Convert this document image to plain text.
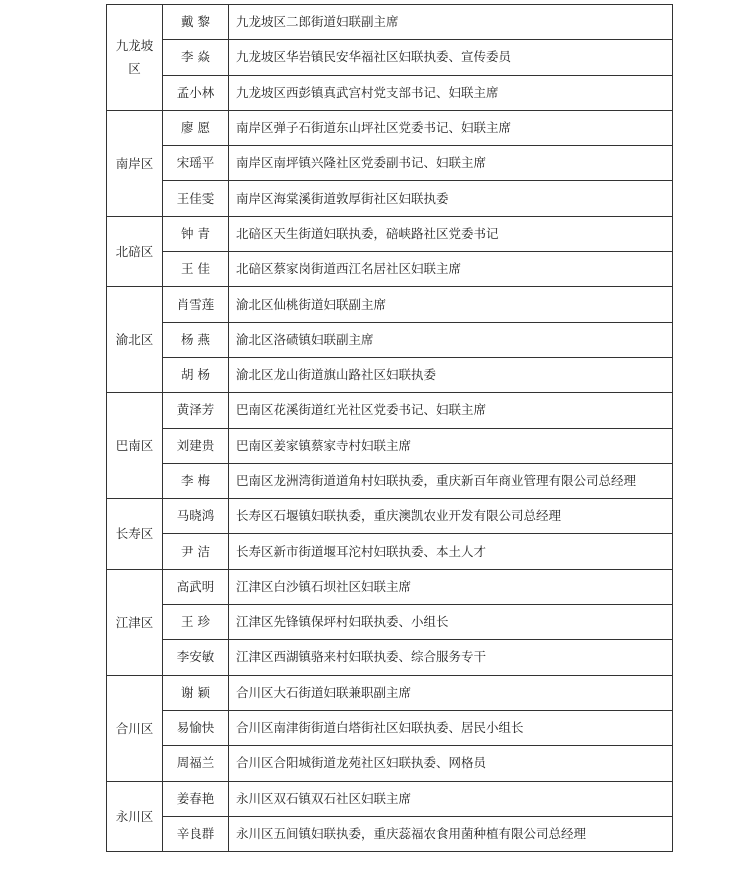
九龙坡区	戴 黎	九龙坡区二郎街道妇联副主席
	李 焱	九龙坡区华岩镇民安华福社区妇联执委、宣传委员
	孟小林	九龙坡区西彭镇真武宫村党支部书记、妇联主席
南岸区	廖 愿	南岸区弹子石街道东山坪社区党委书记、妇联主席
	宋瑶平	南岸区南坪镇兴隆社区党委副书记、妇联主席
	王佳雯	南岸区海棠溪街道敦厚街社区妇联执委
北碚区	钟 青	北碚区天生街道妇联执委，碚峡路社区党委书记
	王 佳	北碚区蔡家岗街道西江名居社区妇联主席
渝北区	肖雪莲	渝北区仙桃街道妇联副主席
	杨 燕	渝北区洛碛镇妇联副主席
	胡 杨	渝北区龙山街道旗山路社区妇联执委
巴南区	黄泽芳	巴南区花溪街道红光社区党委书记、妇联主席
	刘建贵	巴南区姜家镇蔡家寺村妇联主席
	李 梅	巴南区龙洲湾街道道角村妇联执委，重庆新百年商业管理有限公司总经理
长寿区	马晓鸿	长寿区石堰镇妇联执委，重庆澳凯农业开发有限公司总经理
	尹 洁	长寿区新市街道堰耳沱村妇联执委、本土人才
江津区	高武明	江津区白沙镇石坝社区妇联主席
	王 珍	江津区先锋镇保坪村妇联执委、小组长
	李安敏	江津区西湖镇骆来村妇联执委、综合服务专干
合川区	谢 颖	合川区大石街道妇联兼职副主席
	易愉快	合川区南津街街道白塔街社区妇联执委、居民小组长
	周福兰	合川区合阳城街道龙苑社区妇联执委、网格员
永川区	姜春艳	永川区双石镇双石社区妇联主席
	辛良群	永川区五间镇妇联执委，重庆蕊福农食用菌种植有限公司总经理
